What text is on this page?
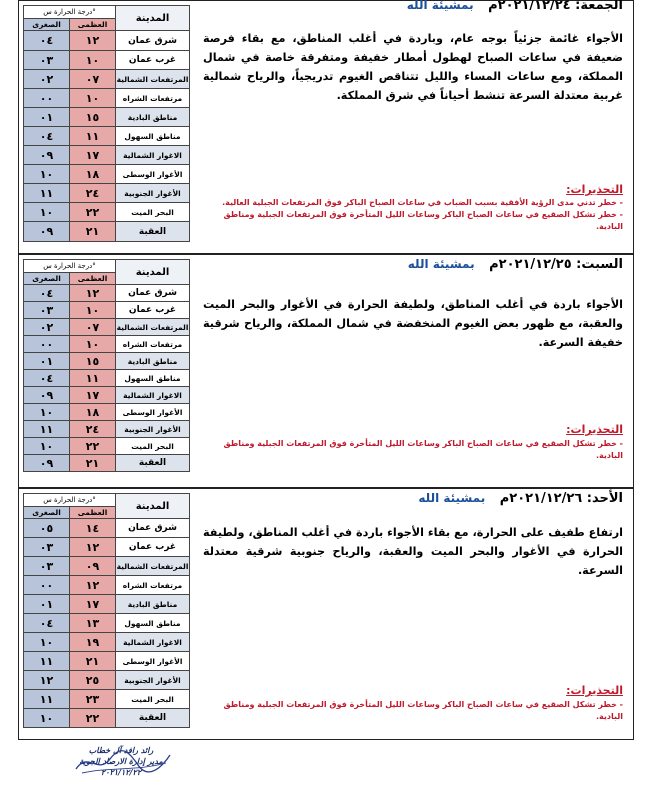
الجمعة: ٢٠٢١/١٢/٢٤م بمشيئة الله
الأجواء غائمة جزئياً بوجه عام، وباردة في أغلب المناطق، مع بقاء فرصة ضعيفة في ساعات الصباح لهطول أمطار خفيفة ومتفرقة خاصة في شمال المملكة، ومع ساعات المساء والليل تتناقص الغيوم تدريجياً، والرياح شمالية غربية معتدلة السرعة تنشط أحياناً في شرق المملكة.
التحذيرات:
- خطر تدني مدى الرؤية الأفقية بسبب الضباب في ساعات الصباح الباكر فوق المرتفعات الجبلية العالية.
- خطر تشكل الصقيع في ساعات الصباح الباكر وساعات الليل المتأخرة فوق المرتفعات الجبلية ومناطق البادية.
درجة الحرارة س°		المدينة
الصغرى	العظمى	
٠٤	١٢	شرق عمان
٠٣	١٠	غرب عمان
٠٢	٠٧	المرتفعات الشمالية
٠٠	١٠	مرتفعات الشراه
٠١	١٥	مناطق البادية
٠٤	١١	مناطق السهول
٠٩	١٧	الاغوار الشمالية
١٠	١٨	الأغوار الوسطى
١١	٢٤	الأغوار الجنوبية
١٠	٢٢	البحر الميت
٠٩	٢١	العقبة
السبت: ٢٠٢١/١٢/٢٥م بمشيئة الله
الأجواء باردة في أغلب المناطق، ولطيفة الحرارة في الأغوار والبحر الميت والعقبة، مع ظهور بعض الغيوم المنخفضة في شمال المملكة، والرياح شرقية خفيفة السرعة.
التحذيرات:
- خطر تشكل الصقيع في ساعات الصباح الباكر وساعات الليل المتأخرة فوق المرتفعات الجبلية ومناطق البادية.
درجة الحرارة س°		المدينة
الصغرى	العظمى	
٠٤	١٢	شرق عمان
٠٣	١٠	غرب عمان
٠٢	٠٧	المرتفعات الشمالية
٠٠	١٠	مرتفعات الشراه
٠١	١٥	مناطق البادية
٠٤	١١	مناطق السهول
٠٩	١٧	الاغوار الشمالية
١٠	١٨	الأغوار الوسطى
١١	٢٤	الأغوار الجنوبية
١٠	٢٢	البحر الميت
٠٩	٢١	العقبة
الأحد: ٢٠٢١/١٢/٢٦م بمشيئة الله
ارتفاع طفيف على الحرارة، مع بقاء الأجواء باردة في أغلب المناطق، ولطيفة الحرارة في الأغوار والبحر الميت والعقبة، والرياح جنوبية شرقية معتدلة السرعة.
التحذيرات:
- خطر تشكل الصقيع في ساعات الصباح الباكر وساعات الليل المتأخرة فوق المرتفعات الجبلية ومناطق البادية.
درجة الحرارة س°		المدينة
الصغرى	العظمى	
٠٥	١٤	شرق عمان
٠٣	١٢	غرب عمان
٠٣	٠٩	المرتفعات الشمالية
٠٠	١٢	مرتفعات الشراه
٠١	١٧	مناطق البادية
٠٤	١٣	مناطق السهول
١٠	١٩	الاغوار الشمالية
١١	٢١	الأغوار الوسطى
١٢	٢٥	الأغوار الجنوبية
١١	٢٣	البحر الميت
١٠	٢٢	العقبة
رائد رافد آل خطاب
مدير إدارة الارصاد الجوية
٢٠٢١/١٢/٢٢
